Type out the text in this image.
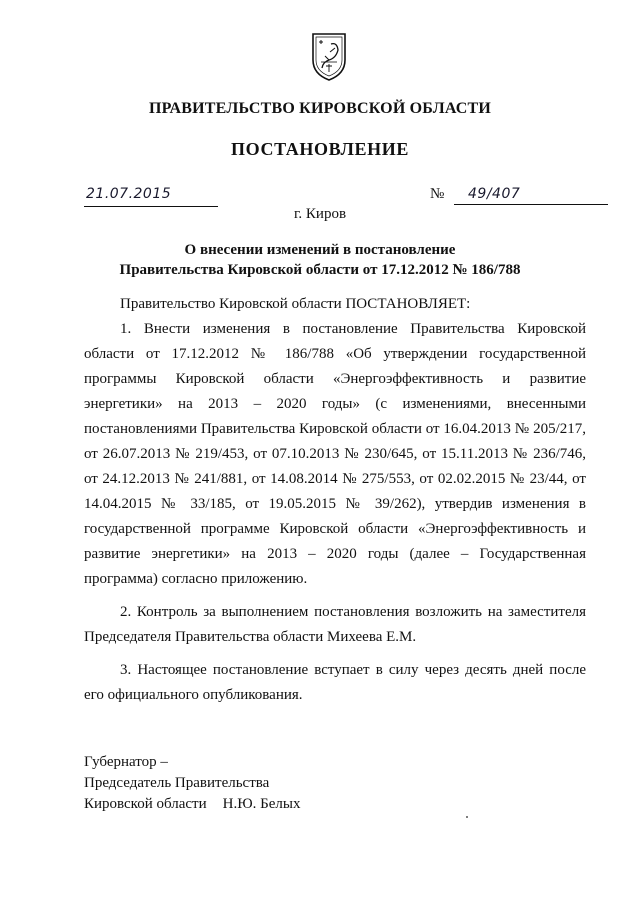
ПРАВИТЕЛЬСТВО КИРОВСКОЙ ОБЛАСТИ
ПОСТАНОВЛЕНИЕ
21.07.2015	№ 49/407
г. Киров
О внесении изменений в постановление
Правительства Кировской области от 17.12.2012 № 186/788

Правительство Кировской области ПОСТАНОВЛЯЕТ:

1. Внести изменения в постановление Правительства Кировской области от 17.12.2012 № 186/788 «Об утверждении государственной программы Кировской области «Энергоэффективность и развитие энергетики» на 2013 – 2020 годы» (с изменениями, внесенными постановлениями Правительства Кировской области от 16.04.2013 № 205/217, от 26.07.2013 № 219/453, от 07.10.2013 № 230/645, от 15.11.2013 № 236/746, от 24.12.2013 № 241/881, от 14.08.2014 № 275/553, от 02.02.2015 № 23/44, от 14.04.2015 № 33/185, от 19.05.2015 № 39/262), утвердив изменения в государственной программе Кировской области «Энергоэффективность и развитие энергетики» на 2013 – 2020 годы (далее – Государственная программа) согласно приложению.

2. Контроль за выполнением постановления возложить на заместителя Председателя Правительства области Михеева Е.М.

3. Настоящее постановление вступает в силу через десять дней после его официального опубликования.

Губернатор –
Председатель Правительства
Кировской области Н.Ю. Белых
